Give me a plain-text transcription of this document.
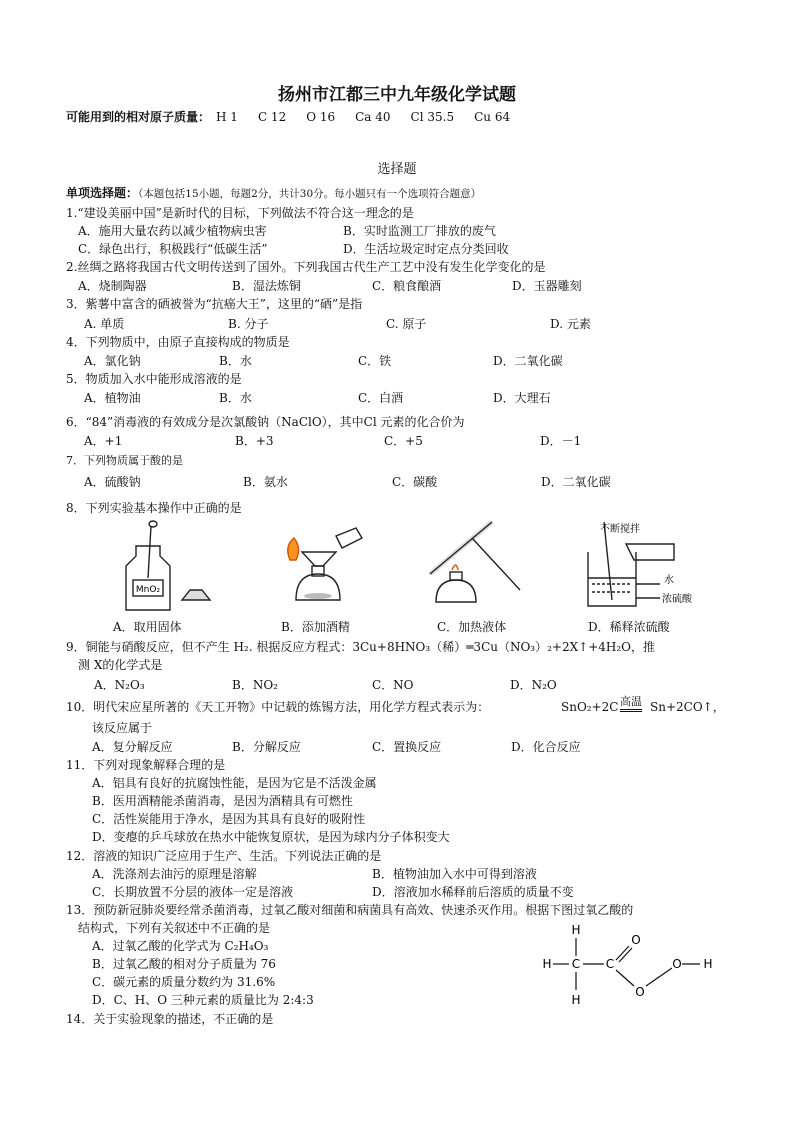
扬州市江都三中九年级化学试题
可能用到的相对原子质量： H 1 C 12 O 16 Ca 40 Cl 35.5 Cu 64
选择题
单项选择题：（本题包括15小题，每题2分，共计30分。每小题只有一个选项符合题意）
1.“建设美丽中国”是新时代的目标，下列做法不符合这一理念的是
A．施用大量农药以减少植物病虫害	B．实时监测工厂排放的废气
C．绿色出行，积极践行“低碳生活”	D．生活垃圾定时定点分类回收
2.丝绸之路将我国古代文明传送到了国外。下列我国古代生产工艺中没有发生化学变化的是
A．烧制陶器	B．湿法炼铜	C．粮食酿酒	D．玉器雕刻
3．紫薯中富含的硒被誉为“抗癌大王”，这里的“硒”是指
A. 单质	B. 分子	C. 原子	D. 元素
4．下列物质中，由原子直接构成的物质是
A．氯化钠	B．水	C．铁	D．二氧化碳
5．物质加入水中能形成溶液的是
A．植物油	B．水	C．白酒	D．大理石
6．“84”消毒液的有效成分是次氯酸钠（NaClO），其中Cl 元素的化合价为
A．+1	B．+3	C．+5	D．－1
7．下列物质属于酸的是
A．硫酸钠	B．氨水	C．碳酸	D．二氧化碳
8．下列实验基本操作中正确的是
MnO₂
不断搅拌
水
浓硫酸
A．取用固体	B．添加酒精	C．加热液体	D．稀释浓硫酸
9．铜能与硝酸反应，但不产生 H₂. 根据反应方程式：3Cu+8HNO₃（稀）═3Cu（NO₃）₂+2X↑+4H₂O，推
测 X的化学式是
A．N₂O₃	B．NO₂	C．NO	D．N₂O
10．明代宋应星所著的《天工开物》中记载的炼锡方法，用化学方程式表示为：	SnO₂+2C 高温 Sn+2CO↑，
该反应属于
A．复分解反应	B．分解反应	C．置换反应	D．化合反应
11．下列对现象解释合理的是
A．铝具有良好的抗腐蚀性能，是因为它是不活泼金属
B．医用酒精能杀菌消毒，是因为酒精具有可燃性
C．活性炭能用于净水，是因为其具有良好的吸附性
D．变瘪的乒乓球放在热水中能恢复原状，是因为球内分子体积变大
12．溶液的知识广泛应用于生产、生活。下列说法正确的是
A．洗涤剂去油污的原理是溶解	B．植物油加入水中可得到溶液
C．长期放置不分层的液体一定是溶液	D．溶液加水稀释前后溶质的质量不变
13．预防新冠肺炎要经常杀菌消毒，过氧乙酸对细菌和病菌具有高效、快速杀灭作用。根据下图过氧乙酸的
结构式，下列有关叙述中不正确的是
A．过氧乙酸的化学式为 C₂H₄O₃
B．过氧乙酸的相对分子质量为 76
C．碳元素的质量分数约为 31.6%
D．C、H、O 三种元素的质量比为 2:4:3
H
H C
H
C
O
O
O H
14．关于实验现象的描述，不正确的是
